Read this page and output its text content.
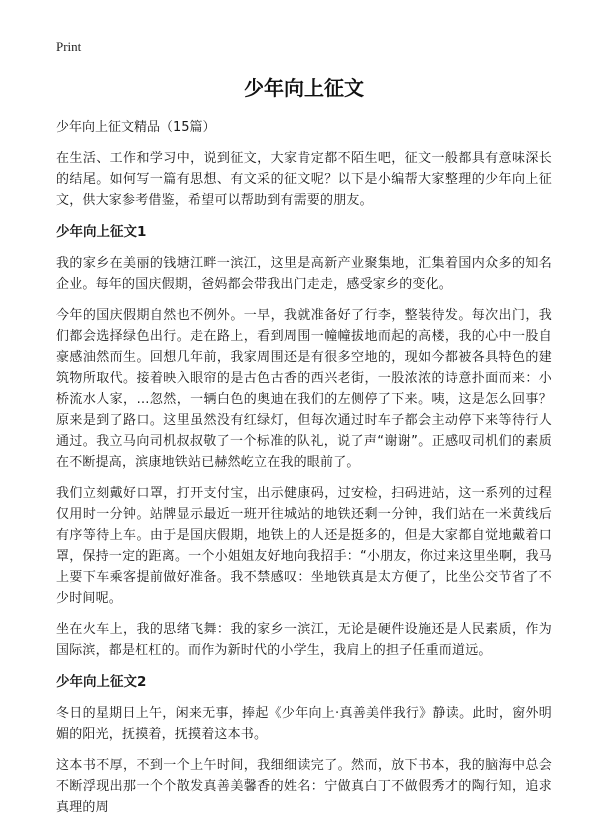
Print
少年向上征文
少年向上征文精品（15篇）

在生活、工作和学习中，说到征文，大家肯定都不陌生吧，征文一般都具有意味深长的结尾。如何写一篇有思想、有文采的征文呢？以下是小编帮大家整理的少年向上征文，供大家参考借鉴，希望可以帮助到有需要的朋友。

少年向上征文1

我的家乡在美丽的钱塘江畔一滨江，这里是高新产业聚集地，汇集着国内众多的知名企业。每年的国庆假期，爸妈都会带我出门走走，感受家乡的变化。

今年的国庆假期自然也不例外。一早，我就准备好了行李，整装待发。每次出门，我们都会选择绿色出行。走在路上，看到周围一幢幢拔地而起的高楼，我的心中一股自豪感油然而生。回想几年前，我家周围还是有很多空地的，现如今都被各具特色的建筑物所取代。接着映入眼帘的是古色古香的西兴老街，一股浓浓的诗意扑面而来：小桥流水人家，…忽然，一辆白色的奥迪在我们的左侧停了下来。咦，这是怎么回事？原来是到了路口。这里虽然没有红绿灯，但每次通过时车子都会主动停下来等待行人通过。我立马向司机叔叔敬了一个标准的队礼，说了声“谢谢”。正感叹司机们的素质在不断提高，滨康地铁站已赫然屹立在我的眼前了。

我们立刻戴好口罩，打开支付宝，出示健康码，过安检，扫码进站，这一系列的过程仅用时一分钟。站牌显示最近一班开往城站的地铁还剩一分钟，我们站在一米黄线后有序等待上车。由于是国庆假期，地铁上的人还是挺多的，但是大家都自觉地戴着口罩，保持一定的距离。一个小姐姐友好地向我招手：“小朋友，你过来这里坐啊，我马上要下车乘客提前做好准备。我不禁感叹：坐地铁真是太方便了，比坐公交节省了不少时间呢。

坐在火车上，我的思绪飞舞：我的家乡一滨江，无论是硬件设施还是人民素质，作为国际滨，都是杠杠的。而作为新时代的小学生，我肩上的担子任重而道远。

少年向上征文2

冬日的星期日上午，闲来无事，捧起《少年向上·真善美伴我行》静读。此时，窗外明媚的阳光，抚摸着，抚摸着这本书。

这本书不厚，不到一个上午时间，我细细读完了。然而，放下书本，我的脑海中总会不断浮现出那一个个散发真善美馨香的姓名：宁做真白丁不做假秀才的陶行知，追求真理的周
